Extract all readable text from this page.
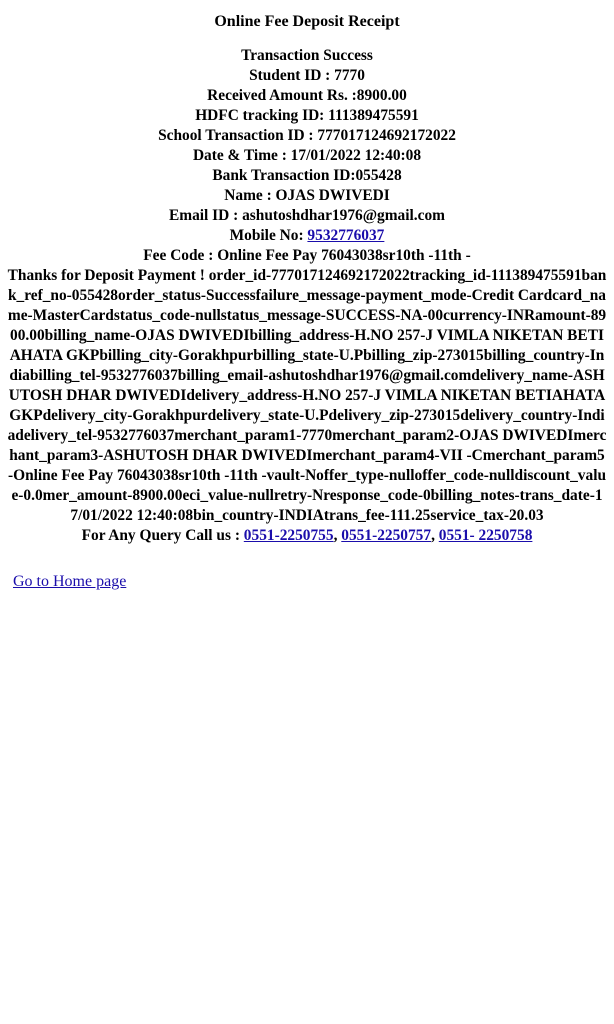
Online Fee Deposit Receipt
Transaction Success
Student ID : 7770
Received Amount Rs. :8900.00
HDFC tracking ID: 111389475591
School Transaction ID : 777017124692172022
Date & Time : 17/01/2022 12:40:08
Bank Transaction ID:055428
Name : OJAS DWIVEDI
Email ID : ashutoshdhar1976@gmail.com
Mobile No: 9532776037
Fee Code : Online Fee Pay 76043038sr10th -11th -
Thanks for Deposit Payment ! order_id-777017124692172022tracking_id-111389475591bank_ref_no-055428order_status-Successfailure_message-payment_mode-Credit Cardcard_name-MasterCardstatus_code-nullstatus_message-SUCCESS-NA-00currency-INRamount-8900.00billing_name-OJAS DWIVEDIbilling_address-H.NO 257-J VIMLA NIKETAN BETIAHATA GKPbilling_city-Gorakhpurbilling_state-U.Pbilling_zip-273015billing_country-Indiabilling_tel-9532776037billing_email-ashutoshdhar1976@gmail.comdelivery_name-ASHUTOSH DHAR DWIVEDIdelivery_address-H.NO 257-J VIMLA NIKETAN BETIAHATA GKPdelivery_city-Gorakhpurdelivery_state-U.Pdelivery_zip-273015delivery_country-Indiadelivery_tel-9532776037merchant_param1-7770merchant_param2-OJAS DWIVEDImerchant_param3-ASHUTOSH DHAR DWIVEDImerchant_param4-VII -Cmerchant_param5-Online Fee Pay 76043038sr10th -11th -vault-Noffer_type-nulloffer_code-nulldiscount_value-0.0mer_amount-8900.00eci_value-nullretry-Nresponse_code-0billing_notes-trans_date-17/01/2022 12:40:08bin_country-INDIAtrans_fee-111.25service_tax-20.03
For Any Query Call us : 0551-2250755, 0551-2250757, 0551- 2250758
Go to Home page
